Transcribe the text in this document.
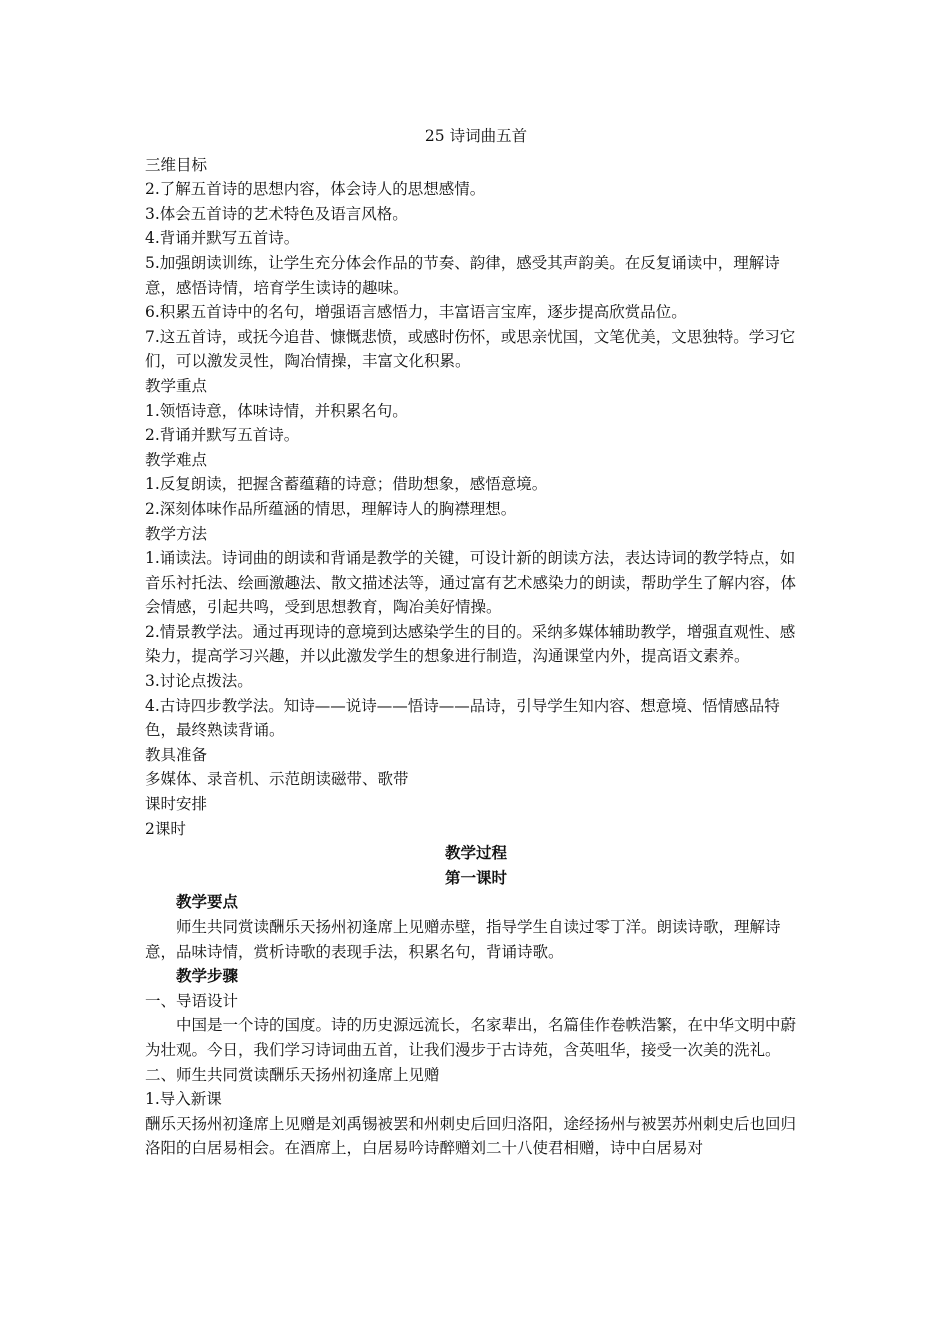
25 诗词曲五首

三维目标

2.了解五首诗的思想内容，体会诗人的思想感情。

3.体会五首诗的艺术特色及语言风格。

4.背诵并默写五首诗。

5.加强朗读训练，让学生充分体会作品的节奏、韵律，感受其声韵美。在反复诵读中，理解诗意，感悟诗情，培育学生读诗的趣味。

6.积累五首诗中的名句，增强语言感悟力，丰富语言宝库，逐步提高欣赏品位。

7.这五首诗，或抚今追昔、慷慨悲愤，或感时伤怀，或思亲忧国，文笔优美，文思独特。学习它们，可以激发灵性，陶冶情操，丰富文化积累。

教学重点

1.领悟诗意，体味诗情，并积累名句。

2.背诵并默写五首诗。

教学难点

1.反复朗读，把握含蓄蕴藉的诗意；借助想象，感悟意境。

2.深刻体味作品所蕴涵的情思，理解诗人的胸襟理想。

教学方法

1.诵读法。诗词曲的朗读和背诵是教学的关键，可设计新的朗读方法，表达诗词的教学特点，如音乐衬托法、绘画激趣法、散文描述法等，通过富有艺术感染力的朗读，帮助学生了解内容，体会情感，引起共鸣，受到思想教育，陶冶美好情操。

2.情景教学法。通过再现诗的意境到达感染学生的目的。采纳多媒体辅助教学，增强直观性、感染力，提高学习兴趣，并以此激发学生的想象进行制造，沟通课堂内外，提高语文素养。

3.讨论点拨法。

4.古诗四步教学法。知诗——说诗——悟诗——品诗，引导学生知内容、想意境、悟情感品特色，最终熟读背诵。

教具准备

多媒体、录音机、示范朗读磁带、歌带

课时安排

2课时

教学过程

第一课时

教学要点

师生共同赏读酬乐天扬州初逢席上见赠赤壁，指导学生自读过零丁洋。朗读诗歌，理解诗意，品味诗情，赏析诗歌的表现手法，积累名句，背诵诗歌。

教学步骤

一、导语设计

中国是一个诗的国度。诗的历史源远流长，名家辈出，名篇佳作卷帙浩繁，在中华文明中蔚为壮观。今日，我们学习诗词曲五首，让我们漫步于古诗苑，含英咀华，接受一次美的洗礼。

二、师生共同赏读酬乐天扬州初逢席上见赠

1.导入新课

酬乐天扬州初逢席上见赠是刘禹锡被罢和州刺史后回归洛阳，途经扬州与被罢苏州刺史后也回归洛阳的白居易相会。在酒席上，白居易吟诗醉赠刘二十八使君相赠，诗中白居易对
